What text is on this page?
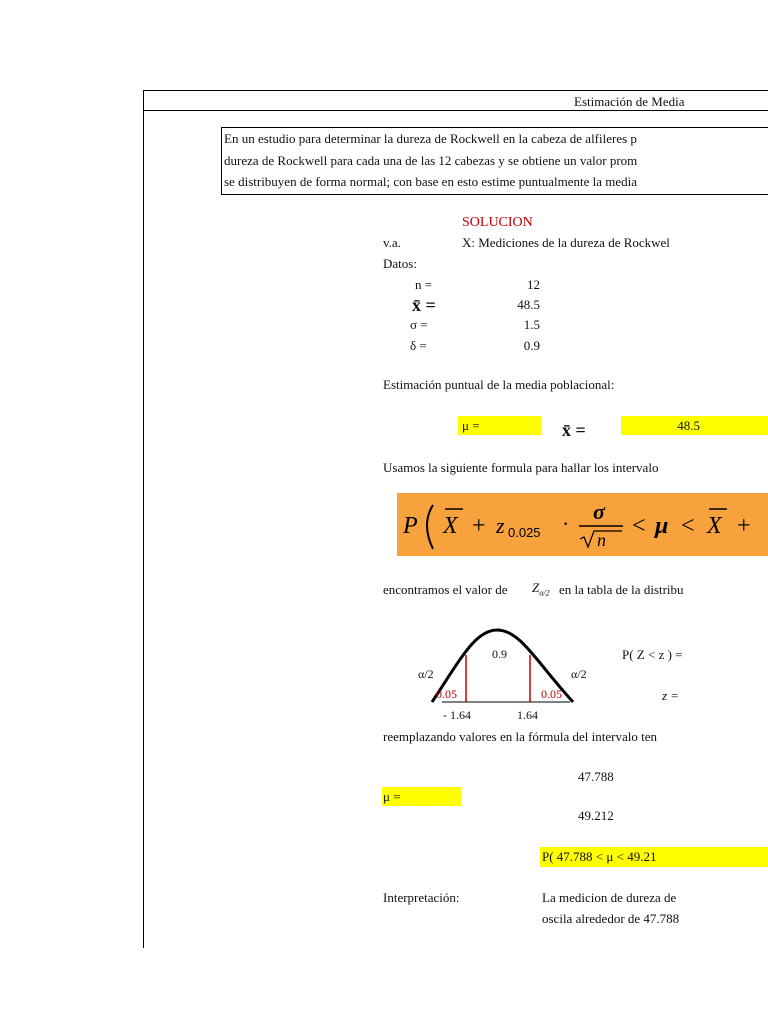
Estimación de Media
En un estudio para determinar la dureza de Rockwell en la cabeza de alfileres p
dureza de Rockwell para cada una de las 12 cabezas y se obtiene un valor prom
se distribuyen de forma normal; con base en esto estime puntualmente la media
SOLUCION
v.a.	X: Mediciones de la dureza de Rockwel
Datos:
n =	12
x̄ =	48.5
σ =	1.5
δ =	0.9
Estimación puntual de la media poblacional:
μ =	x̄ =	48.5
Usamos la siguiente formula para hallar los intervalo
P X + z 0.025 · σ
n
< μ < X +
encontramos el valor de $Z_{\alpha/2}$ en la tabla de la distribu
0.9
α/2	α/2
0.05	0.05
- 1.64	1.64
P( Z < z ) =
z =
reemplazando valores en la fórmula del intervalo ten
47.788
μ =
49.212
P( 47.788 < μ < 49.21
Interpretación:	La medicion de dureza de
oscila alrededor de 47.788
